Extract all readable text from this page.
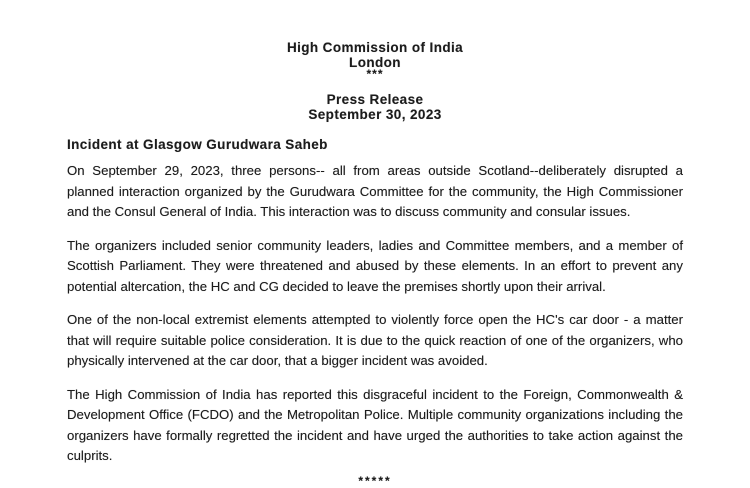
High Commission of India
London
***
Press Release
September 30, 2023
Incident at Glasgow Gurudwara Saheb

On September 29, 2023, three persons-- all from areas outside Scotland--deliberately disrupted a planned interaction organized by the Gurudwara Committee for the community, the High Commissioner and the Consul General of India. This interaction was to discuss community and consular issues.

The organizers included senior community leaders, ladies and Committee members, and a member of Scottish Parliament. They were threatened and abused by these elements. In an effort to prevent any potential altercation, the HC and CG decided to leave the premises shortly upon their arrival.

One of the non-local extremist elements attempted to violently force open the HC's car door - a matter that will require suitable police consideration. It is due to the quick reaction of one of the organizers, who physically intervened at the car door, that a bigger incident was avoided.

The High Commission of India has reported this disgraceful incident to the Foreign, Commonwealth & Development Office (FCDO) and the Metropolitan Police. Multiple community organizations including the organizers have formally regretted the incident and have urged the authorities to take action against the culprits.

*****
